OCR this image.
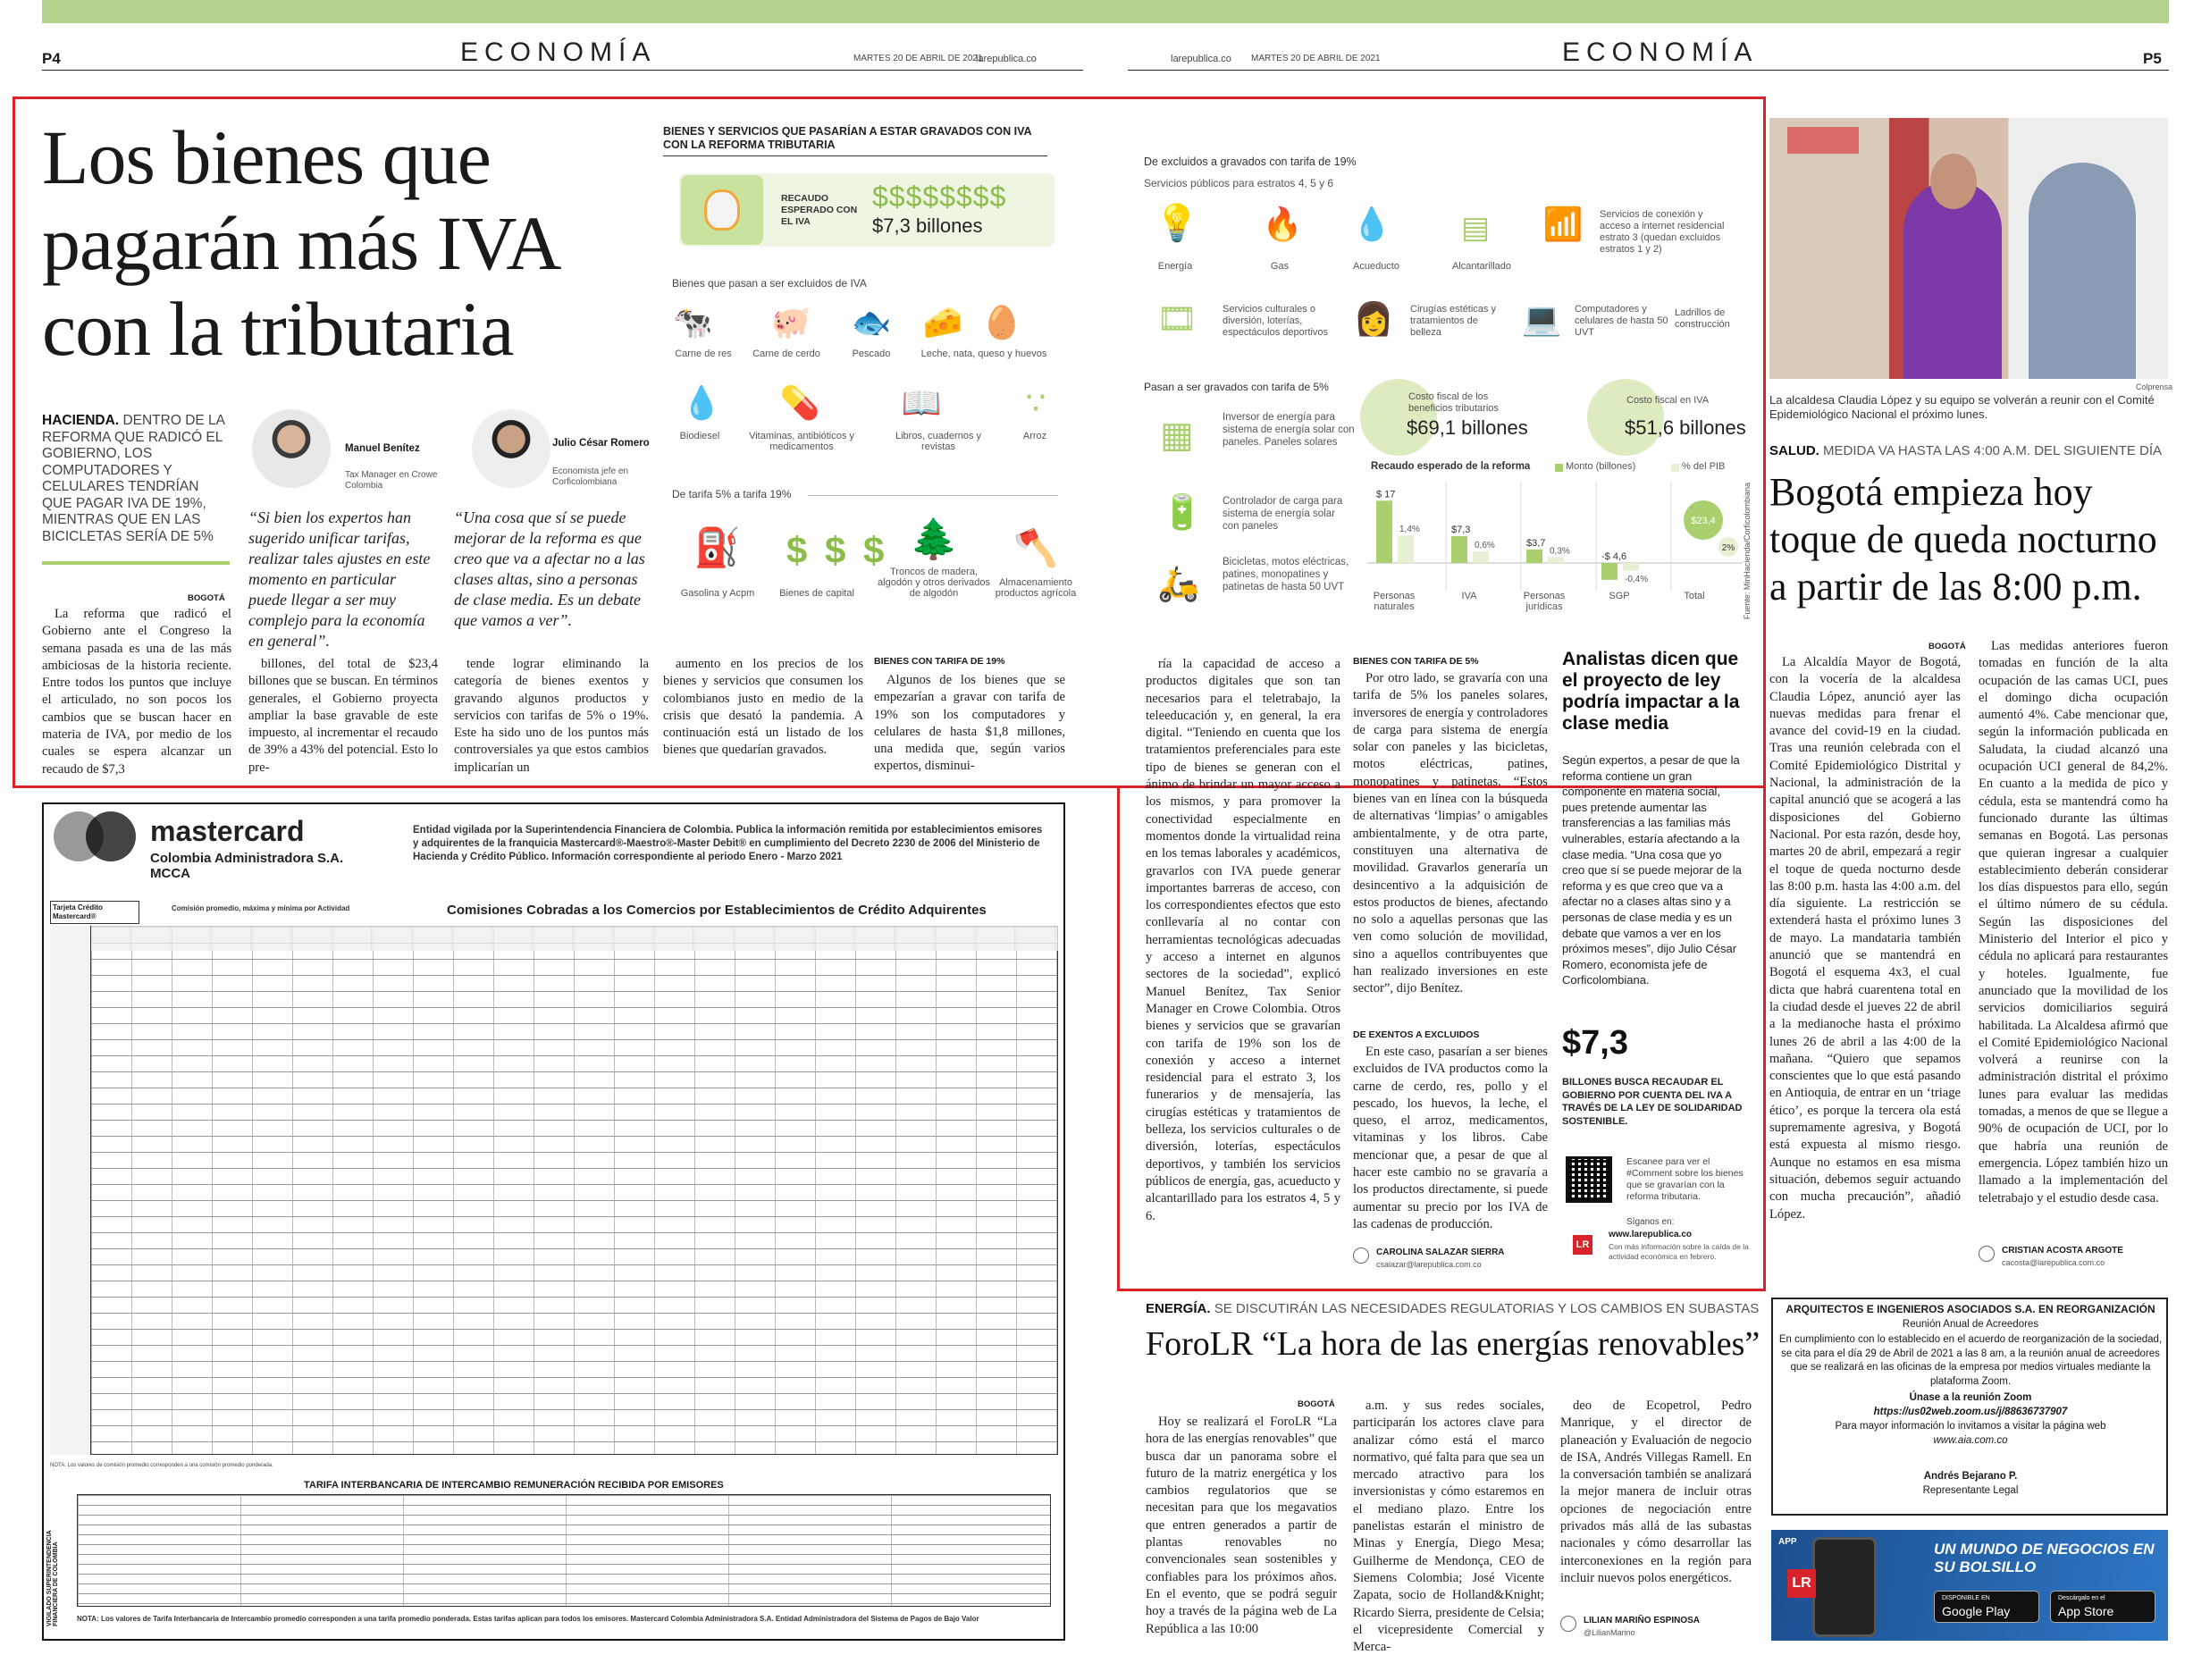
P4	ECONOMÍA	MARTES 20 DE ABRIL DE 2021
larepublica.co	larepublica.co MARTES 20 DE ABRIL DE 2021	ECONOMÍA	P5
Los bienes que pagarán más IVA con la tributaria
HACIENDA. DENTRO DE LA REFORMA QUE RADICÓ EL GOBIERNO, LOS COMPUTADORES Y CELULARES TENDRÍAN QUE PAGAR IVA DE 19%, MIENTRAS QUE EN LAS BICICLETAS SERÍA DE 5%
Manuel Benítez
Tax Manager en Crowe Colombia
Julio César Romero
Economista jefe en Corficolombiana
“Si bien los expertos han sugerido unificar tarifas, realizar tales ajustes en este momento en particular puede llegar a ser muy complejo para la economía en general”.
“Una cosa que sí se puede mejorar de la reforma es que creo que va a afectar no a las clases altas, sino a personas de clase media. Es un debate que vamos a ver”.
BOGOTÁ

La reforma que radicó el Gobierno ante el Congreso la semana pasada es una de las más ambiciosas de la historia reciente. Entre todos los puntos que incluye el articulado, no son pocos los cambios que se buscan hacer en materia de IVA, por medio de los cuales se espera alcanzar un recaudo de $7,3

billones, del total de $23,4 billones que se buscan. En términos generales, el Gobierno proyecta ampliar la base gravable de este impuesto, al incrementar el recaudo de 39% a 43% del potencial. Esto lo pre-

tende lograr eliminando la categoría de bienes exentos y gravando algunos productos y servicios con tarifas de 5% o 19%. Este ha sido uno de los puntos más controversiales ya que estos cambios implicarían un

aumento en los precios de los bienes y servicios que consumen los colombianos justo en medio de la crisis que desató la pandemia. A continuación está un listado de los bienes que quedarían gravados.

BIENES CON TARIFA DE 19%

Algunos de los bienes que se empezarían a gravar con tarifa de 19% son los computadores y celulares de hasta $1,8 millones, una medida que, según varios expertos, disminui-

BIENES Y SERVICIOS QUE PASARÍAN A ESTAR GRAVADOS CON IVA CON LA REFORMA TRIBUTARIA
RECAUDO ESPERADO CON EL IVA
$$$$$$$$
$7,3 billones
Bienes que pasan a ser excluidos de IVA
🐄 🐖 🐟 🧀 🥚
Carne de res	Carne de cerdo	Pescado	Leche, nata, queso y huevos
💧 💊	📖	∵
Biodiesel	Vitaminas, antibióticos y medicamentos
Libros, cuadernos y revistas
Arroz
De tarifa 5% a tarifa 19%
⛽ $ $ $ 🌲 🪓
Gasolina y Acpm	Bienes de capital
Troncos de madera, algodón y otros derivados de algodón
Almacenamiento productos agrícola
De excluidos a gravados con tarifa de 19%
Servicios públicos para estratos 4, 5 y 6
💡 🔥 💧	▤	📶
Energía	Gas	Acueducto	Alcantarillado
Servicios de conexión y acceso a internet residencial estrato 3 (quedan excluidos estratos 1 y 2)
🎞	Servicios culturales o diversión, loterías, espectáculos deportivos 👩	Cirugías estéticas y tratamientos de belleza	💻	Computadores y celulares de hasta 50 UVT
Ladrillos de construcción
Pasan a ser gravados con tarifa de 5%
▦	Inversor de energía para sistema de energía solar con paneles. Paneles solares
🔋 Controlador de carga para sistema de energía solar con paneles
🛵
Bicicletas, motos eléctricas, patines, monopatines y patinetas de hasta 50 UVT
Costo fiscal de los beneficios tributarios
$69,1 billones
Costo fiscal en IVA
$51,6 billones
Recaudo esperado de la reforma	Monto (billones)	% del PIB
$ 17
1,4%
Personas
naturales
$7,3
0,6%
IVA
$3,7
0,3%
Personas
jurídicas
-$ 4,6
-0,4%
SGP
$23,4
2%
Total	Fuente: MinHacienda/Corficolombiana

ría la capacidad de acceso a productos digitales que son tan necesarios para el teletrabajo, la teleeducación y, en general, la era digital. “Teniendo en cuenta que los tratamientos preferenciales para este tipo de bienes se generan con el ánimo de brindar un mayor acceso a los mismos, y para promover la conectividad especialmente en momentos donde la virtualidad reina en los temas laborales y académicos, gravarlos con IVA puede generar importantes barreras de acceso, con los correspondientes efectos que esto conllevaría al no contar con herramientas tecnológicas adecuadas y acceso a internet en algunos sectores de la sociedad”, explicó Manuel Benítez, Tax Senior Manager en Crowe Colombia. Otros bienes y servicios que se gravarían con tarifa de 19% son los de conexión y acceso a internet residencial para el estrato 3, los funerarios y de mensajería, las cirugías estéticas y tratamientos de belleza, los servicios culturales o de diversión, loterías, espectáculos deportivos, y también los servicios públicos de energía, gas, acueducto y alcantarillado para los estratos 4, 5 y 6.

BIENES CON TARIFA DE 5%

Por otro lado, se gravaría con una tarifa de 5% los paneles solares, inversores de energía y controladores de carga para sistema de energía solar con paneles y las bicicletas, motos eléctricas, patines, monopatines y patinetas. “Estos bienes van en línea con la búsqueda de alternativas ‘limpias’ o amigables ambientalmente, y de otra parte, constituyen una alternativa de movilidad. Gravarlos generaría un desincentivo a la adquisición de estos productos de bienes, afectando no solo a aquellas personas que las ven como solución de movilidad, sino a aquellos contribuyentes que han realizado inversiones en este sector”, dijo Benítez.

DE EXENTOS A EXCLUIDOS

En este caso, pasarían a ser bienes excluidos de IVA productos como la carne de cerdo, res, pollo y el pescado, los huevos, la leche, el queso, el arroz, medicamentos, vitaminas y los libros. Cabe mencionar que, a pesar de que al hacer este cambio no se gravaría a los productos directamente, si puede aumentar su precio por los IVA de las cadenas de producción.

CAROLINA SALAZAR SIERRA
csalazar@larepublica.com.co
Analistas dicen que el proyecto de ley podría impactar a la clase media
Según expertos, a pesar de que la reforma contiene un gran componente en materia social, pues pretende aumentar las transferencias a las familias más vulnerables, estaría afectando a la clase media. “Una cosa que yo creo que sí se puede mejorar de la reforma y es que creo que va a afectar no a clases altas sino y a personas de clase media y es un debate que vamos a ver en los próximos meses”, dijo Julio César Romero, economista jefe de Corficolombiana.
$7,3
BILLONES BUSCA RECAUDAR EL GOBIERNO POR CUENTA DEL IVA A TRAVÉS DE LA LEY DE SOLIDARIDAD SOSTENIBLE.
Escanee para ver el #Comment sobre los bienes que se gravarían con la reforma tributaria.
Síganos en:
LR
www.larepublica.co
Con más información sobre la caída de la actividad económica en febrero.
mastercard
Colombia Administradora S.A. MCCA
Entidad vigilada por la Superintendencia Financiera de Colombia. Publica la información remitida por establecimientos emisores y adquirentes de la franquicia Mastercard®-Maestro®-Master Debit® en cumplimiento del Decreto 2230 de 2006 del Ministerio de Hacienda y Crédito Público. Información correspondiente al periodo Enero - Marzo 2021
Tarjeta Crédito Mastercard®
Comisión promedio, máxima y mínima por Actividad	Comisiones Cobradas a los Comercios por Establecimientos de Crédito Adquirentes
NOTA: Los valores de comisión promedio corresponden a una comisión promedio ponderada.
TARIFA INTERBANCARIA DE INTERCAMBIO REMUNERACIÓN RECIBIDA POR EMISORES
VIGILADO SUPERINTENDENCIA FINANCIERA DE COLOMBIA	NOTA: Los valores de Tarifa Interbancaria de Intercambio promedio corresponden a una tarifa promedio ponderada. Estas tarifas aplican para todos los emisores. Mastercard Colombia Administradora S.A. Entidad Administradora del Sistema de Pagos de Bajo Valor
Colprensa
La alcaldesa Claudia López y su equipo se volverán a reunir con el Comité Epidemiológico Nacional el próximo lunes.
SALUD. MEDIDA VA HASTA LAS 4:00 A.M. DEL SIGUIENTE DÍA
Bogotá empieza hoy toque de queda nocturno a partir de las 8:00 p.m.
BOGOTÁ

La Alcaldía Mayor de Bogotá, con la vocería de la alcaldesa Claudia López, anunció ayer las nuevas medidas para frenar el avance del covid-19 en la ciudad. Tras una reunión celebrada con el Comité Epidemiológico Distrital y Nacional, la administración de la capital anunció que se acogerá a las disposiciones del Gobierno Nacional. Por esta razón, desde hoy, martes 20 de abril, empezará a regir el toque de queda nocturno desde las 8:00 p.m. hasta las 4:00 a.m. del día siguiente. La restricción se extenderá hasta el próximo lunes 3 de mayo. La mandataria también anunció que se mantendrá en Bogotá el esquema 4x3, el cual dicta que habrá cuarentena total en la ciudad desde el jueves 22 de abril a la medianoche hasta el próximo lunes 26 de abril a las 4:00 de la mañana. “Quiero que sepamos conscientes que lo que está pasando en Antioquia, de entrar en un ‘triage ético’, es porque la tercera ola está supremamente agresiva, y Bogotá está expuesta al mismo riesgo. Aunque no estamos en esa misma situación, debemos seguir actuando con mucha precaución”, añadió López.

Las medidas anteriores fueron tomadas en función de la alta ocupación de las camas UCI, pues el domingo dicha ocupación aumentó 4%. Cabe mencionar que, según la información publicada en Saludata, la ciudad alcanzó una ocupación UCI general de 84,2%. En cuanto a la medida de pico y cédula, esta se mantendrá como ha funcionado durante las últimas semanas en Bogotá. Las personas que quieran ingresar a cualquier establecimiento deberán considerar los días dispuestos para ello, según el último número de su cédula. Según las disposiciones del Ministerio del Interior el pico y cédula no aplicará para restaurantes y hoteles. Igualmente, fue anunciado que la movilidad de los servicios domiciliarios seguirá habilitada. La Alcaldesa afirmó que el Comité Epidemiológico Nacional volverá a reunirse con la administración distrital el próximo lunes para evaluar las medidas tomadas, a menos de que se llegue a 90% de ocupación de UCI, por lo que habría una reunión de emergencia. López también hizo un llamado a la implementación del teletrabajo y el estudio desde casa.

CRISTIAN ACOSTA ARGOTE
cacosta@larepublica.com.co
ENERGÍA. SE DISCUTIRÁN LAS NECESIDADES REGULATORIAS Y LOS CAMBIOS EN SUBASTAS
ForoLR “La hora de las energías renovables”
BOGOTÁ

Hoy se realizará el ForoLR “La hora de las energías renovables” que busca dar un panorama sobre el futuro de la matriz energética y los cambios regulatorios que se necesitan para que los megavatios que entren generados a partir de plantas renovables no convencionales sean sostenibles y confiables para los próximos años. En el evento, que se podrá seguir hoy a través de la página web de La República a las 10:00

a.m. y sus redes sociales, participarán los actores clave para analizar cómo está el marco normativo, qué falta para que sea un mercado atractivo para los inversionistas y cómo estaremos en el mediano plazo. Entre los panelistas estarán el ministro de Minas y Energía, Diego Mesa; Guilherme de Mendonça, CEO de Siemens Colombia; José Vicente Zapata, socio de Holland&Knight; Ricardo Sierra, presidente de Celsia; el vicepresidente Comercial y Merca-

deo de Ecopetrol, Pedro Manrique, y el director de planeación y Evaluación de negocio de ISA, Andrés Villegas Ramell. En la conversación también se analizará la mejor manera de incluir otras opciones de negociación entre privados más allá de las subastas nacionales y cómo desarrollar las interconexiones en la región para incluir nuevos polos energéticos.

LILIAN MARIÑO ESPINOSA
@LilianMarino
ARQUITECTOS E INGENIEROS ASOCIADOS S.A. EN REORGANIZACIÓN
Reunión Anual de Acreedores
En cumplimiento con lo establecido en el acuerdo de reorganización de la sociedad, se cita para el día 29 de Abril de 2021 a las 8 am, a la reunión anual de acreedores que se realizará en las oficinas de la empresa por medios virtuales mediante la plataforma Zoom.
Únase a la reunión Zoom
https://us02web.zoom.us/j/88636737907
Para mayor información lo invitamos a visitar la página web
www.aia.com.co
Andrés Bejarano P.
Representante Legal
APP
LR
UN MUNDO DE NEGOCIOS EN SU BOLSILLO
DISPONIBLE EN
Google Play
Descárgalo en el
App Store
